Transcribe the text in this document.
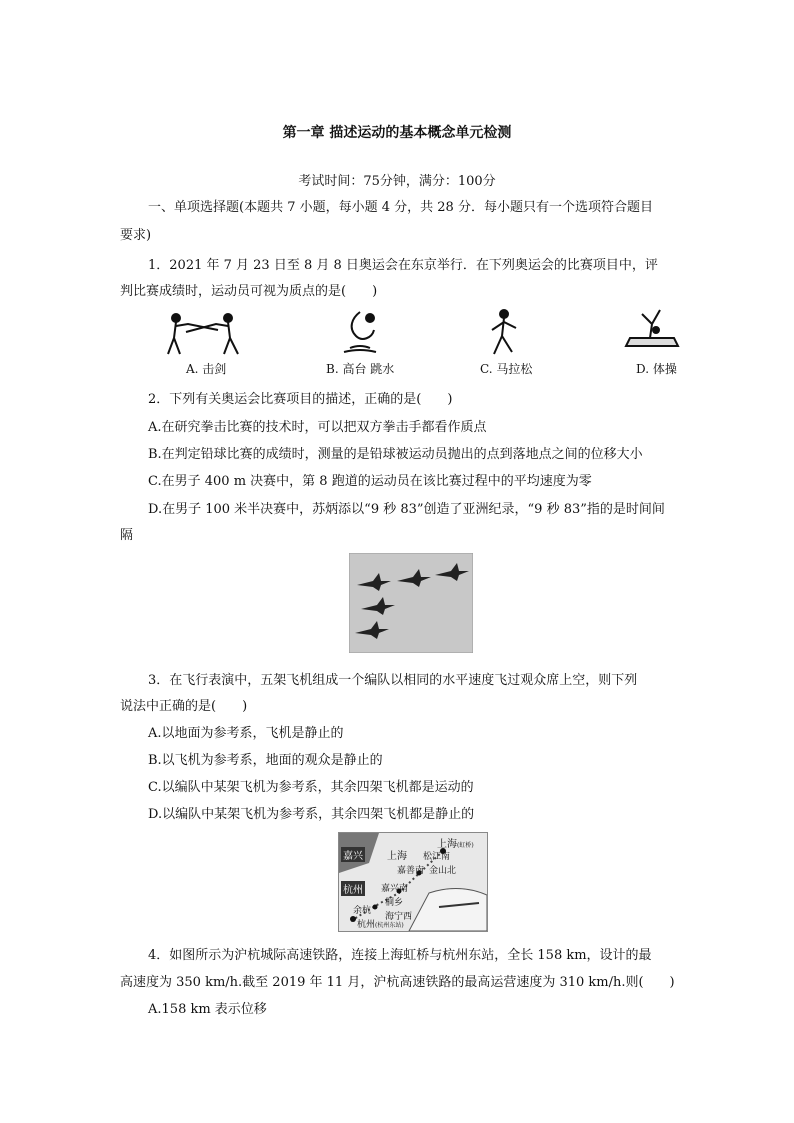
第一章 描述运动的基本概念单元检测
考试时间：75分钟，满分：100分
一、单项选择题(本题共 7 小题，每小题 4 分，共 28 分．每小题只有一个选项符合题目
要求)
1．2021 年 7 月 23 日至 8 月 8 日奥运会在东京举行．在下列奥运会的比赛项目中，评
判比赛成绩时，运动员可视为质点的是(　　)
A. 击剑	B. 高台 跳水	C. 马拉松	D. 体操
2．下列有关奥运会比赛项目的描述，正确的是(　　)
A.在研究拳击比赛的技术时，可以把双方拳击手都看作质点
B.在判定铅球比赛的成绩时，测量的是铅球被运动员抛出的点到落地点之间的位移大小
C.在男子 400 m 决赛中，第 8 跑道的运动员在该比赛过程中的平均速度为零
D.在男子 100 米半决赛中，苏炳添以“9 秒 83”创造了亚洲纪录，“9 秒 83”指的是时间间
隔
3．在飞行表演中，五架飞机组成一个编队以相同的水平速度飞过观众席上空，则下列
说法中正确的是(　　)
A.以地面为参考系，飞机是静止的
B.以飞机为参考系，地面的观众是静止的
C.以编队中某架飞机为参考系，其余四架飞机都是运动的
D.以编队中某架飞机为参考系，其余四架飞机都是静止的
嘉兴
杭州
上海
上海(虹桥)
松江南
金山北
嘉善南
嘉兴南
桐乡
余杭
海宁西
杭州(杭州东站)
4．如图所示为沪杭城际高速铁路，连接上海虹桥与杭州东站，全长 158 km，设计的最
高速度为 350 km/h.截至 2019 年 11 月，沪杭高速铁路的最高运营速度为 310 km/h.则(　　)
A.158 km 表示位移
